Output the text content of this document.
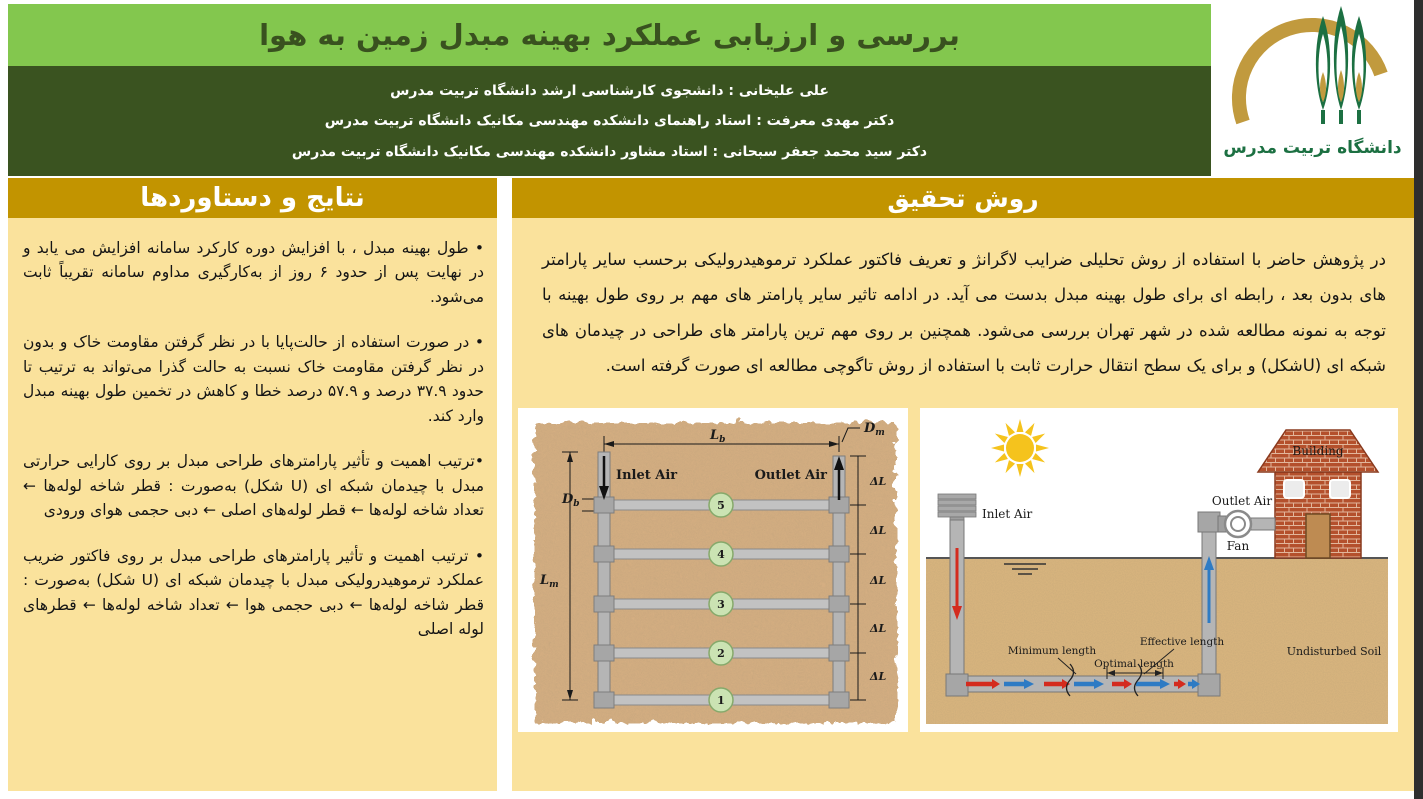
بررسی و ارزیابی عملکرد بهینه مبدل زمین به هوا
علی علیخانی : دانشجوی کارشناسی ارشد دانشگاه تربیت مدرس
دکتر مهدی معرفت : استاد راهنمای دانشکده مهندسی مکانیک دانشگاه تربیت مدرس
دکتر سید محمد جعفر سبحانی : استاد مشاور دانشکده مهندسی مکانیک دانشگاه تربیت مدرس	دانشگاه تربیت مدرس
نتایج و دستاوردها

• طول بهینه مبدل ، با افزایش دوره کارکرد سامانه افزایش می یابد و در نهایت پس از حدود ۶ روز از به‌کارگیری مداوم سامانه تقریباً ثابت می‌شود.

• در صورت استفاده از حالت‌پایا با در نظر گرفتن مقاومت خاک و بدون در نظر گرفتن مقاومت خاک نسبت به حالت گذرا می‌تواند به ترتیب تا حدود ۳۷.۹ درصد و ۵۷.۹ درصد خطا و کاهش در تخمین طول بهینه مبدل وارد کند.

•ترتیب اهمیت و تأثیر پارامترهای طراحی مبدل بر روی کارایی حرارتی مبدل با چیدمان شبکه ای (U شکل) به‌صورت : قطر شاخه لوله‌ها ← تعداد شاخه لوله‌ها ← قطر لوله‌های اصلی ← دبی حجمی هوای ورودی

• ترتیب اهمیت و تأثیر پارامترهای طراحی مبدل بر روی فاکتور ضریب عملکرد ترموهیدرولیکی مبدل با چیدمان شبکه ای (U شکل) به‌صورت : قطر شاخه لوله‌ها ← دبی حجمی هوا ← تعداد شاخه لوله‌ها ← قطرهای لوله اصلی

روش تحقیق

در پژوهش حاضر با استفاده از روش تحلیلی ضرایب لاگرانژ و تعریف فاکتور عملکرد ترموهیدرولیکی برحسب سایر پارامتر های بدون بعد ، رابطه ای برای طول بهینه مبدل بدست می آید. در ادامه تاثیر سایر پارامتر های مهم بر روی طول بهینه با توجه به نمونه مطالعه شده در شهر تهران بررسی می‌شود. همچنین بر روی مهم ترین پارامتر های طراحی در چیدمان های شبکه ای (Uشکل) و برای یک سطح انتقال حرارت ثابت با استفاده از روش تاگوچی مطالعه ای صورت گرفته است.

$L_b$
$D_m$
$L_m$
$D_b$
Inlet Air	Outlet Air
5
4
3
2
1
ΔL
ΔL
ΔL
ΔL
ΔL
Building
Minimum length
Optimal length
Effective length
Undisturbed Soil
Inlet Air
Outlet Air
Fan
